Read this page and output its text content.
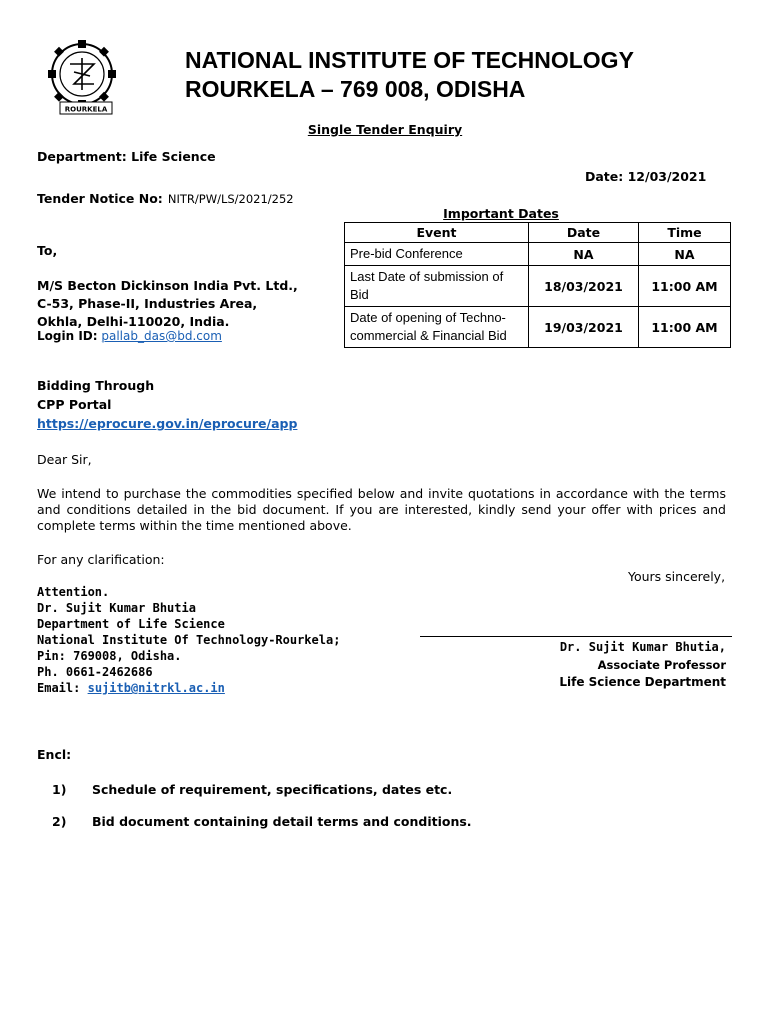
ROURKELA
NATIONAL INSTITUTE OF TECHNOLOGY
ROURKELA – 769 008, ODISHA
Single Tender Enquiry
Department: Life Science
Date: 12/03/2021
Tender Notice No: NITR/PW/LS/2021/252
To,
M/S Becton Dickinson India Pvt. Ltd.,
C-53, Phase-II, Industries Area,
Okhla, Delhi-110020, India.
Login ID: pallab_das@bd.com
Important Dates
Event	Date	Time
Pre-bid Conference	NA	NA
Last Date of submission of Bid	18/03/2021	11:00 AM
Date of opening of Techno-commercial & Financial Bid	19/03/2021	11:00 AM
Bidding Through
CPP Portal
https://eprocure.gov.in/eprocure/app
Dear Sir,
We intend to purchase the commodities specified below and invite quotations in accordance with the terms and conditions detailed in the bid document. If you are interested, kindly send your offer with prices and complete terms within the time mentioned above.
For any clarification:
Yours sincerely,
Attention.
Dr. Sujit Kumar Bhutia
Department of Life Science
National Institute Of Technology-Rourkela;
Pin: 769008, Odisha.
Ph. 0661-2462686
Email: sujitb@nitrkl.ac.in
Dr. Sujit Kumar Bhutia,
Associate Professor
Life Science Department
Encl:
1) Schedule of requirement, specifications, dates etc.
2) Bid document containing detail terms and conditions.
